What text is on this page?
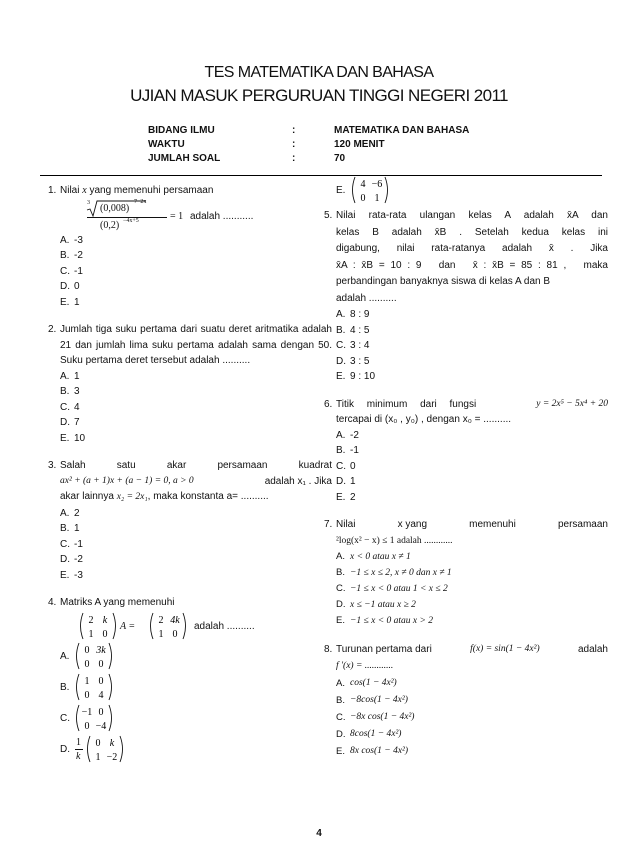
TES MATEMATIKA DAN BAHASA
UJIAN MASUK PERGURUAN TINGGI NEGERI 2011
BIDANG ILMU	:	MATEMATIKA DAN BAHASA
WAKTU	:	120 MENIT
JUMLAH SOAL	:	70
1. Nilai x yang memenuhi persamaan
3 (0,008)
7−2x
(0,2) −4x+5	= 1 adalah ...........
A. -3
B. -2
C. -1
D. 0
E. 1
2. Jumlah tiga suku pertama dari suatu deret aritmatika adalah 21 dan jumlah lima suku pertama adalah sama dengan 50. Suku pertama deret tersebut adalah ..........
A. 1
B. 3
C. 4
D. 7
E. 10
3. Salah satu akar persamaan kuadrat
ax² + (a + 1)x + (a − 1) = 0, a > 0	adalah x₁ . Jika
akar lainnya x₂ = 2x₁, maka konstanta a= ..........
A. 2
B. 1
C. -1
D. -2
E. -3
4. Matriks A yang memenuhi
2 k
1 0
A =
2 4k
1 0
adalah ..........
A.
0 3k
0 0
B.
1 0
0 4
C.
−1 0
0 −4
D.
1
k
0 k
1 −2
E.
4 −6
0 1
5. Nilai rata-rata ulangan kelas A adalah x̄A dan
kelas B adalah x̄B . Setelah kedua kelas ini
digabung, nilai rata-ratanya adalah x̄ . Jika
x̄A : x̄B = 10 : 9   dan   x̄ : x̄B = 85 : 81 ,   maka
perbandingan banyaknya siswa di kelas A dan B
adalah ..........
A. 8 : 9
B. 4 : 5
C. 3 : 4
D. 3 : 5
E. 9 : 10
6. Titik minimum dari fungsi	y = 2x⁵ − 5x⁴ + 20
tercapai di (x₀ , y₀) , dengan x₀ = ..........
A. -2
B. -1
C. 0
D. 1
E. 2
7. Nilai	x yang	memenuhi	persamaan
²log(x² − x) ≤ 1 adalah ............
A. x < 0 atau x ≠ 1
B. −1 ≤ x ≤ 2, x ≠ 0 dan x ≠ 1
C. −1 ≤ x < 0 atau 1 < x ≤ 2
D. x ≤ −1 atau x ≥ 2
E. −1 ≤ x < 0 atau x > 2
8. Turunan pertama dari	f(x) = sin(1 − 4x²)	adalah
f '(x) = ............
A. cos(1 − 4x²)
B. −8cos(1 − 4x²)
C. −8x cos(1 − 4x²)
D. 8cos(1 − 4x²)
E. 8x cos(1 − 4x²)
4
